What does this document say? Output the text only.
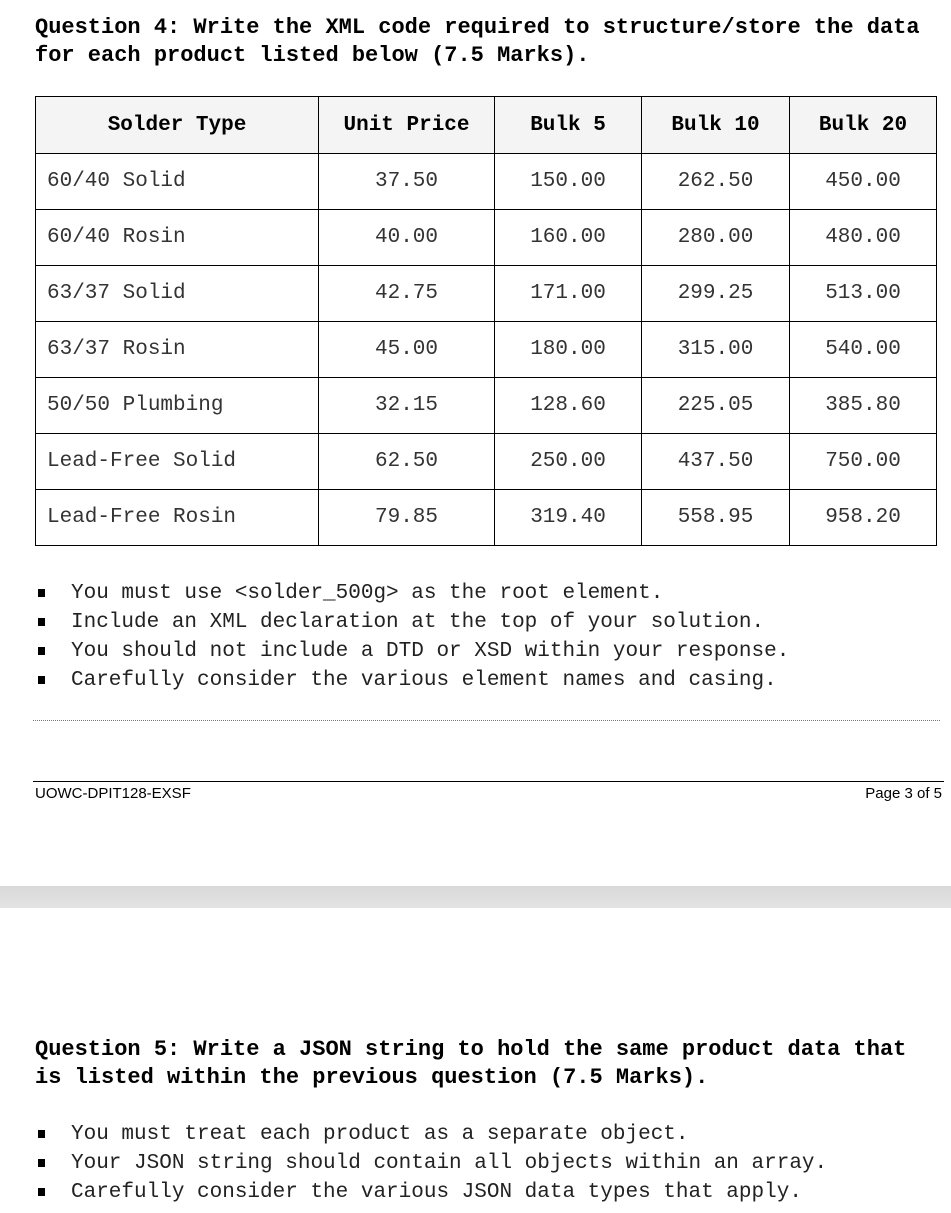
Question 4: Write the XML code required to structure/store the data for each product listed below (7.5 Marks).

Solder Type	Unit Price	Bulk 5	Bulk 10	Bulk 20
60/40 Solid	37.50	150.00	262.50	450.00
60/40 Rosin	40.00	160.00	280.00	480.00
63/37 Solid	42.75	171.00	299.25	513.00
63/37 Rosin	45.00	180.00	315.00	540.00
50/50 Plumbing	32.15	128.60	225.05	385.80
Lead-Free Solid	62.50	250.00	437.50	750.00
Lead-Free Rosin	79.85	319.40	558.95	958.20
You must use <solder_500g> as the root element.
Include an XML declaration at the top of your solution.
You should not include a DTD or XSD within your response.
Carefully consider the various element names and casing.
UOWC-DPIT128-EXSF	Page 3 of 5

Question 5: Write a JSON string to hold the same product data that is listed within the previous question (7.5 Marks).

You must treat each product as a separate object.
Your JSON string should contain all objects within an array.
Carefully consider the various JSON data types that apply.
